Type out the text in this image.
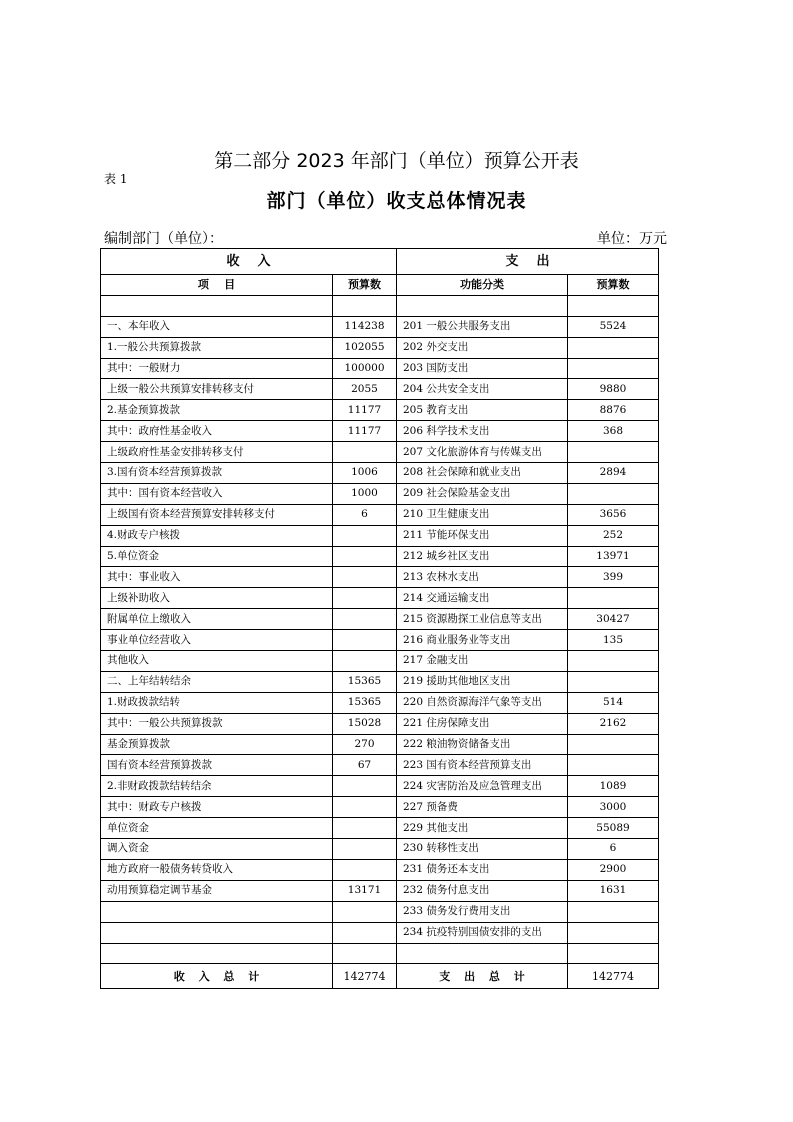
第二部分 2023 年部门（单位）预算公开表
表 1
部门（单位）收支总体情况表
编制部门（单位）：	单位：万元
收    入		支    出	
项    目	预算数	功能分类	预算数

一、本年收入	114238	201 一般公共服务支出	5524
1.一般公共预算拨款	102055	202 外交支出	
其中：一般财力	100000	203 国防支出	
上级一般公共预算安排转移支付	2055	204 公共安全支出	9880
2.基金预算拨款	11177	205 教育支出	8876
其中：政府性基金收入	11177	206 科学技术支出	368
上级政府性基金安排转移支付		207 文化旅游体育与传媒支出	
3.国有资本经营预算拨款	1006	208 社会保障和就业支出	2894
其中：国有资本经营收入	1000	209 社会保险基金支出	
上级国有资本经营预算安排转移支付	6	210 卫生健康支出	3656
4.财政专户核拨		211 节能环保支出	252
5.单位资金		212 城乡社区支出	13971
其中：事业收入		213 农林水支出	399
上级补助收入		214 交通运输支出	
附属单位上缴收入		215 资源勘探工业信息等支出	30427
事业单位经营收入		216 商业服务业等支出	135
其他收入		217 金融支出	
二、上年结转结余	15365	219 援助其他地区支出	
1.财政拨款结转	15365	220 自然资源海洋气象等支出	514
其中：一般公共预算拨款	15028	221 住房保障支出	2162
基金预算拨款	270	222 粮油物资储备支出	
国有资本经营预算拨款	67	223 国有资本经营预算支出	
2.非财政拨款结转结余		224 灾害防治及应急管理支出	1089
其中：财政专户核拨		227 预备费	3000
单位资金		229 其他支出	55089
调入资金		230 转移性支出	6
地方政府一般债务转贷收入		231 债务还本支出	2900
动用预算稳定调节基金	13171	232 债务付息支出	1631
		233 债务发行费用支出	
		234 抗疫特别国债安排的支出	

收 入 总 计	142774	支 出 总 计	142774
